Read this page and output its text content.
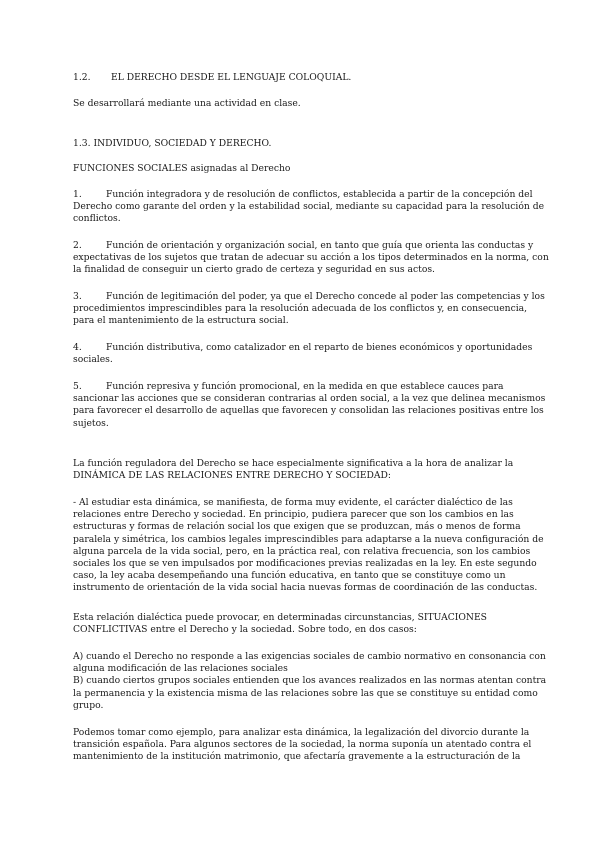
1.2.	EL DERECHO DESDE EL LENGUAJE COLOQUIAL.
Se desarrollará mediante una actividad en clase.
1.3. INDIVIDUO, SOCIEDAD Y DERECHO.
FUNCIONES SOCIALES asignadas al Derecho
1.	Función integradora y de resolución de conflictos, establecida a partir de la concepción del
Derecho como garante del orden y la estabilidad social, mediante su capacidad para la resolución de
conflictos.
2.	Función de orientación y organización social, en tanto que guía que orienta las conductas y
expectativas de los sujetos que tratan de adecuar su acción a los tipos determinados en la norma, con
la finalidad de conseguir un cierto grado de certeza y seguridad en sus actos.
3.	Función de legitimación del poder, ya que el Derecho concede al poder las competencias y los
procedimientos imprescindibles para la resolución adecuada de los conflictos y, en consecuencia,
para el mantenimiento de la estructura social.
4.	Función distributiva, como catalizador en el reparto de bienes económicos y oportunidades
sociales.
5.	Función represiva y función promocional, en la medida en que establece cauces para
sancionar las acciones que se consideran contrarias al orden social, a la vez que delinea mecanismos
para favorecer el desarrollo de aquellas que favorecen y consolidan las relaciones positivas entre los
sujetos.
La función reguladora del Derecho se hace especialmente significativa a la hora de analizar la
DINÁMICA DE LAS RELACIONES ENTRE DERECHO Y SOCIEDAD:
- Al estudiar esta dinámica, se manifiesta, de forma muy evidente, el carácter dialéctico de las
relaciones entre Derecho y sociedad. En principio, pudiera parecer que son los cambios en las
estructuras y formas de relación social los que exigen que se produzcan, más o menos de forma
paralela y simétrica, los cambios legales imprescindibles para adaptarse a la nueva configuración de
alguna parcela de la vida social, pero, en la práctica real, con relativa frecuencia, son los cambios
sociales los que se ven impulsados por modificaciones previas realizadas en la ley. En este segundo
caso, la ley acaba desempeñando una función educativa, en tanto que se constituye como un
instrumento de orientación de la vida social hacia nuevas formas de coordinación de las conductas.
Esta relación dialéctica puede provocar, en determinadas circunstancias, SITUACIONES
CONFLICTIVAS entre el Derecho y la sociedad. Sobre todo, en dos casos:
A) cuando el Derecho no responde a las exigencias sociales de cambio normativo en consonancia con
alguna modificación de las relaciones sociales
B) cuando ciertos grupos sociales entienden que los avances realizados en las normas atentan contra
la permanencia y la existencia misma de las relaciones sobre las que se constituye su entidad como
grupo.
Podemos tomar como ejemplo, para analizar esta dinámica, la legalización del divorcio durante la
transición española. Para algunos sectores de la sociedad, la norma suponía un atentado contra el
mantenimiento de la institución matrimonio, que afectaría gravemente a la estructuración de la
